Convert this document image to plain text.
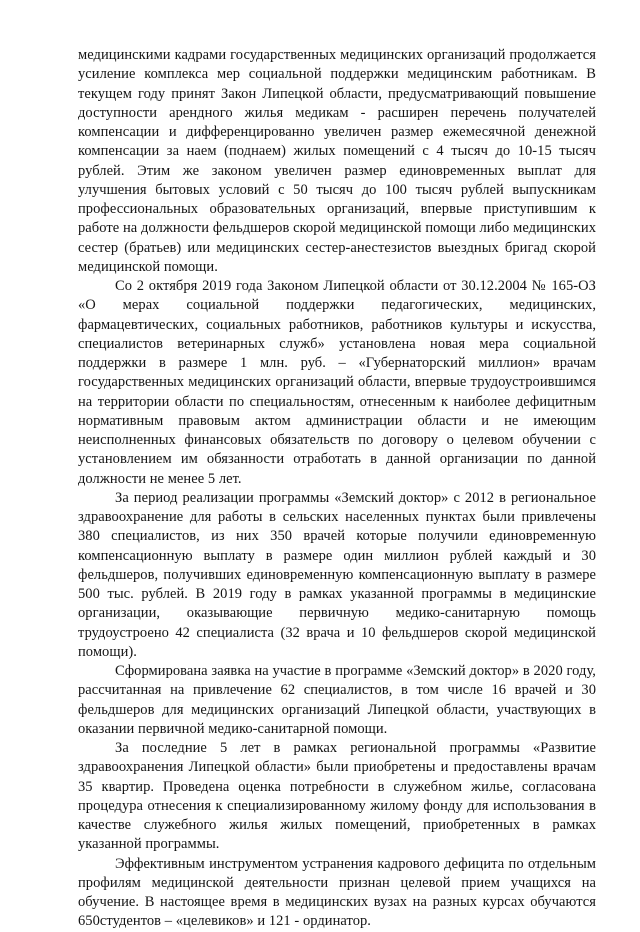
медицинскими кадрами государственных медицинских организаций продолжается усиление комплекса мер социальной поддержки медицинским работникам. В текущем году принят Закон Липецкой области, предусматривающий повышение доступности арендного жилья медикам - расширен перечень получателей компенсации и дифференцированно увеличен размер ежемесячной денежной компенсации за наем (поднаем) жилых помещений с 4 тысяч до 10-15 тысяч рублей. Этим же законом увеличен размер единовременных выплат для улучшения бытовых условий с 50 тысяч до 100 тысяч рублей выпускникам профессиональных образовательных организаций, впервые приступившим к работе на должности фельдшеров скорой медицинской помощи либо медицинских сестер (братьев) или медицинских сестер-анестезистов выездных бригад скорой медицинской помощи.

Со 2 октября 2019 года Законом Липецкой области от 30.12.2004 № 165-ОЗ «О мерах социальной поддержки педагогических, медицинских, фармацевтических, социальных работников, работников культуры и искусства, специалистов ветеринарных служб» установлена новая мера социальной поддержки в размере 1 млн. руб. – «Губернаторский миллион» врачам государственных медицинских организаций области, впервые трудоустроившимся на территории области по специальностям, отнесенным к наиболее дефицитным нормативным правовым актом администрации области и не имеющим неисполненных финансовых обязательств по договору о целевом обучении с установлением им обязанности отработать в данной организации по данной должности не менее 5 лет.

За период реализации программы «Земский доктор» с 2012 в региональное здравоохранение для работы в сельских населенных пунктах были привлечены 380 специалистов, из них 350 врачей которые получили единовременную компенсационную выплату в размере один миллион рублей каждый и 30 фельдшеров, получивших единовременную компенсационную выплату в размере 500 тыс. рублей. В 2019 году в рамках указанной программы в медицинские организации, оказывающие первичную медико-санитарную помощь трудоустроено 42 специалиста (32 врача и 10 фельдшеров скорой медицинской помощи).

Сформирована заявка на участие в программе «Земский доктор» в 2020 году, рассчитанная на привлечение 62 специалистов, в том числе 16 врачей и 30 фельдшеров для медицинских организаций Липецкой области, участвующих в оказании первичной медико-санитарной помощи.

За последние 5 лет в рамках региональной программы «Развитие здравоохранения Липецкой области» были приобретены и предоставлены врачам 35 квартир. Проведена оценка потребности в служебном жилье, согласована процедура отнесения к специализированному жилому фонду для использования в качестве служебного жилья жилых помещений, приобретенных в рамках указанной программы.

Эффективным инструментом устранения кадрового дефицита по отдельным профилям медицинской деятельности признан целевой прием учащихся на обучение. В настоящее время в медицинских вузах на разных курсах обучаются 650студентов – «целевиков» и 121 - ординатор.
